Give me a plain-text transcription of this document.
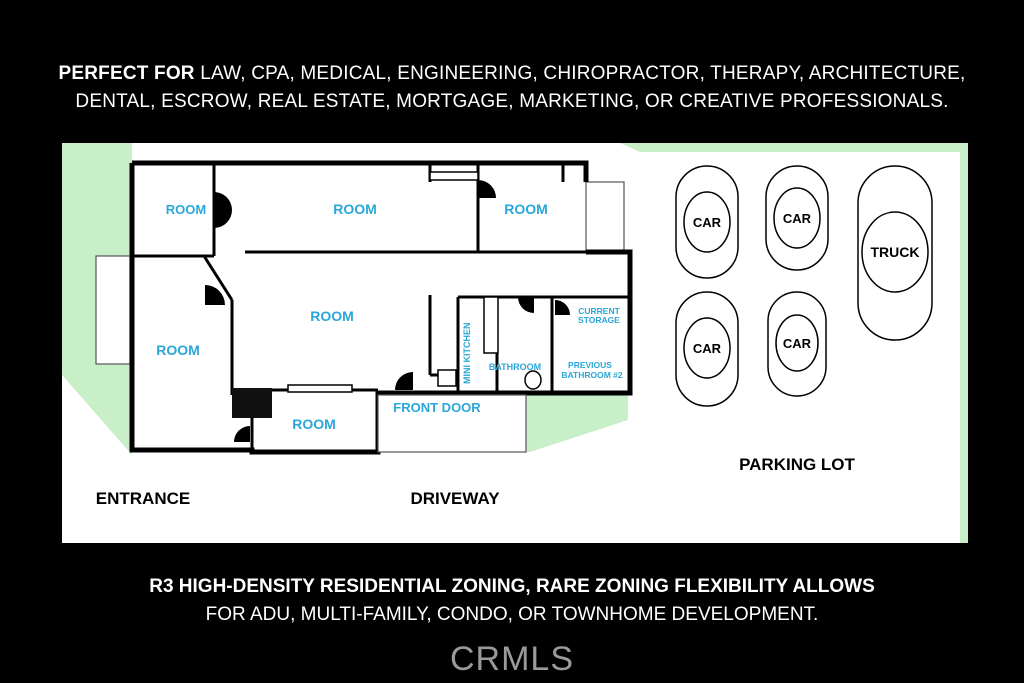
PERFECT FOR LAW, CPA, MEDICAL, ENGINEERING, CHIROPRACTOR, THERAPY, ARCHITECTURE,
DENTAL, ESCROW, REAL ESTATE, MORTGAGE, MARKETING, OR CREATIVE PROFESSIONALS.
ROOM	ROOM	ROOM
ROOM
ROOM
ROOM
MINI KITCHEN BATHROOM
CURRENT
STORAGE
PREVIOUS
BATHROOM #2
FRONT DOOR
CAR	CAR
TRUCK
CAR	CAR
PARKING LOT
ENTRANCE	DRIVEWAY
R3 HIGH-DENSITY RESIDENTIAL ZONING, RARE ZONING FLEXIBILITY ALLOWS
FOR ADU, MULTI-FAMILY, CONDO, OR TOWNHOME DEVELOPMENT.
CRMLS
